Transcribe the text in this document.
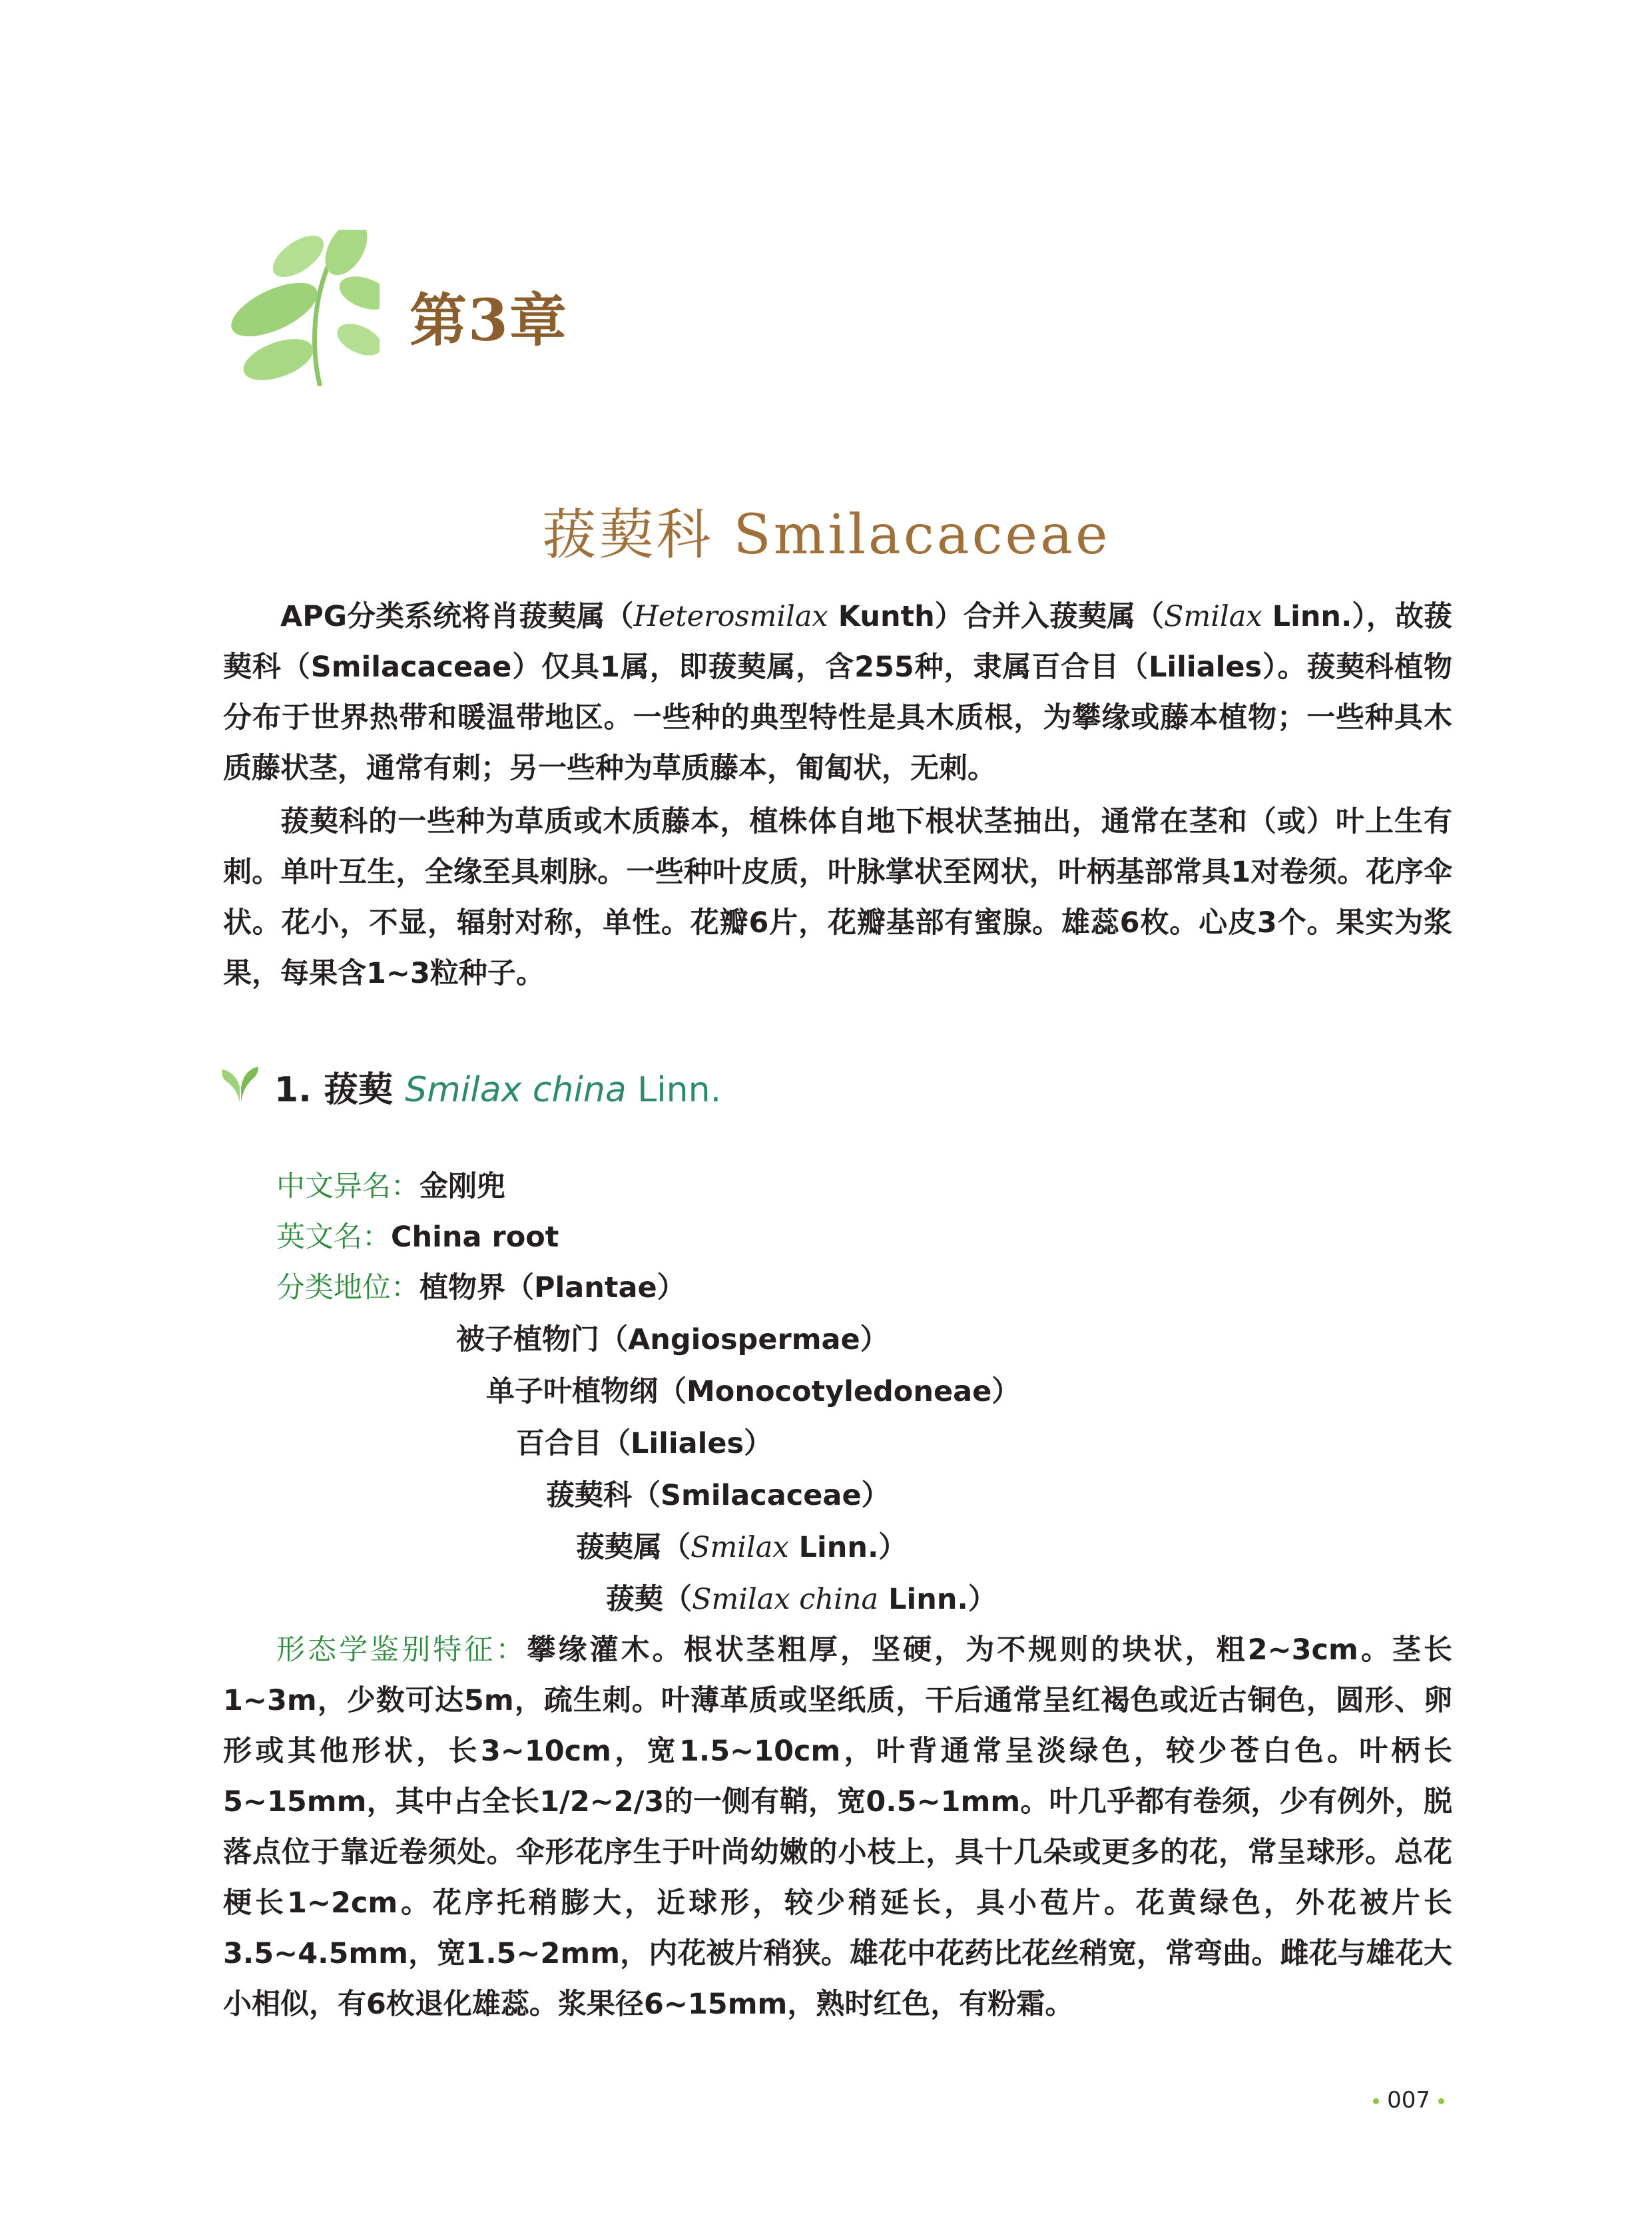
第3章
菝葜科 Smilacaceae
APG分类系统将肖菝葜属（Heterosmilax Kunth）合并入菝葜属（Smilax Linn.），故菝葜科（Smilacaceae）仅具1属，即菝葜属，含255种，隶属百合目（Liliales）。菝葜科植物分布于世界热带和暖温带地区。一些种的典型特性是具木质根，为攀缘或藤本植物；一些种具木质藤状茎，通常有刺；另一些种为草质藤本，匍匐状，无刺。
菝葜科的一些种为草质或木质藤本，植株体自地下根状茎抽出，通常在茎和（或）叶上生有刺。单叶互生，全缘至具刺脉。一些种叶皮质，叶脉掌状至网状，叶柄基部常具1对卷须。花序伞状。花小，不显，辐射对称，单性。花瓣6片，花瓣基部有蜜腺。雄蕊6枚。心皮3个。果实为浆果，每果含1~3粒种子。
1. 菝葜 Smilax china Linn.
中文异名：金刚兜
英文名：China root
分类地位：植物界（Plantae）
被子植物门（Angiospermae）
单子叶植物纲（Monocotyledoneae）
百合目（Liliales）
菝葜科（Smilacaceae）
菝葜属（Smilax Linn.）
菝葜（Smilax china Linn.）
形态学鉴别特征：攀缘灌木。根状茎粗厚，坚硬，为不规则的块状，粗2~3cm。茎长1~3m，少数可达5m，疏生刺。叶薄革质或坚纸质，干后通常呈红褐色或近古铜色，圆形、卵形或其他形状，长3~10cm，宽1.5~10cm，叶背通常呈淡绿色，较少苍白色。叶柄长5~15mm，其中占全长1/2~2/3的一侧有鞘，宽0.5~1mm。叶几乎都有卷须，少有例外，脱落点位于靠近卷须处。伞形花序生于叶尚幼嫩的小枝上，具十几朵或更多的花，常呈球形。总花梗长1~2cm。花序托稍膨大，近球形，较少稍延长，具小苞片。花黄绿色，外花被片长3.5~4.5mm，宽1.5~2mm，内花被片稍狭。雄花中花药比花丝稍宽，常弯曲。雌花与雄花大小相似，有6枚退化雄蕊。浆果径6~15mm，熟时红色，有粉霜。
007
